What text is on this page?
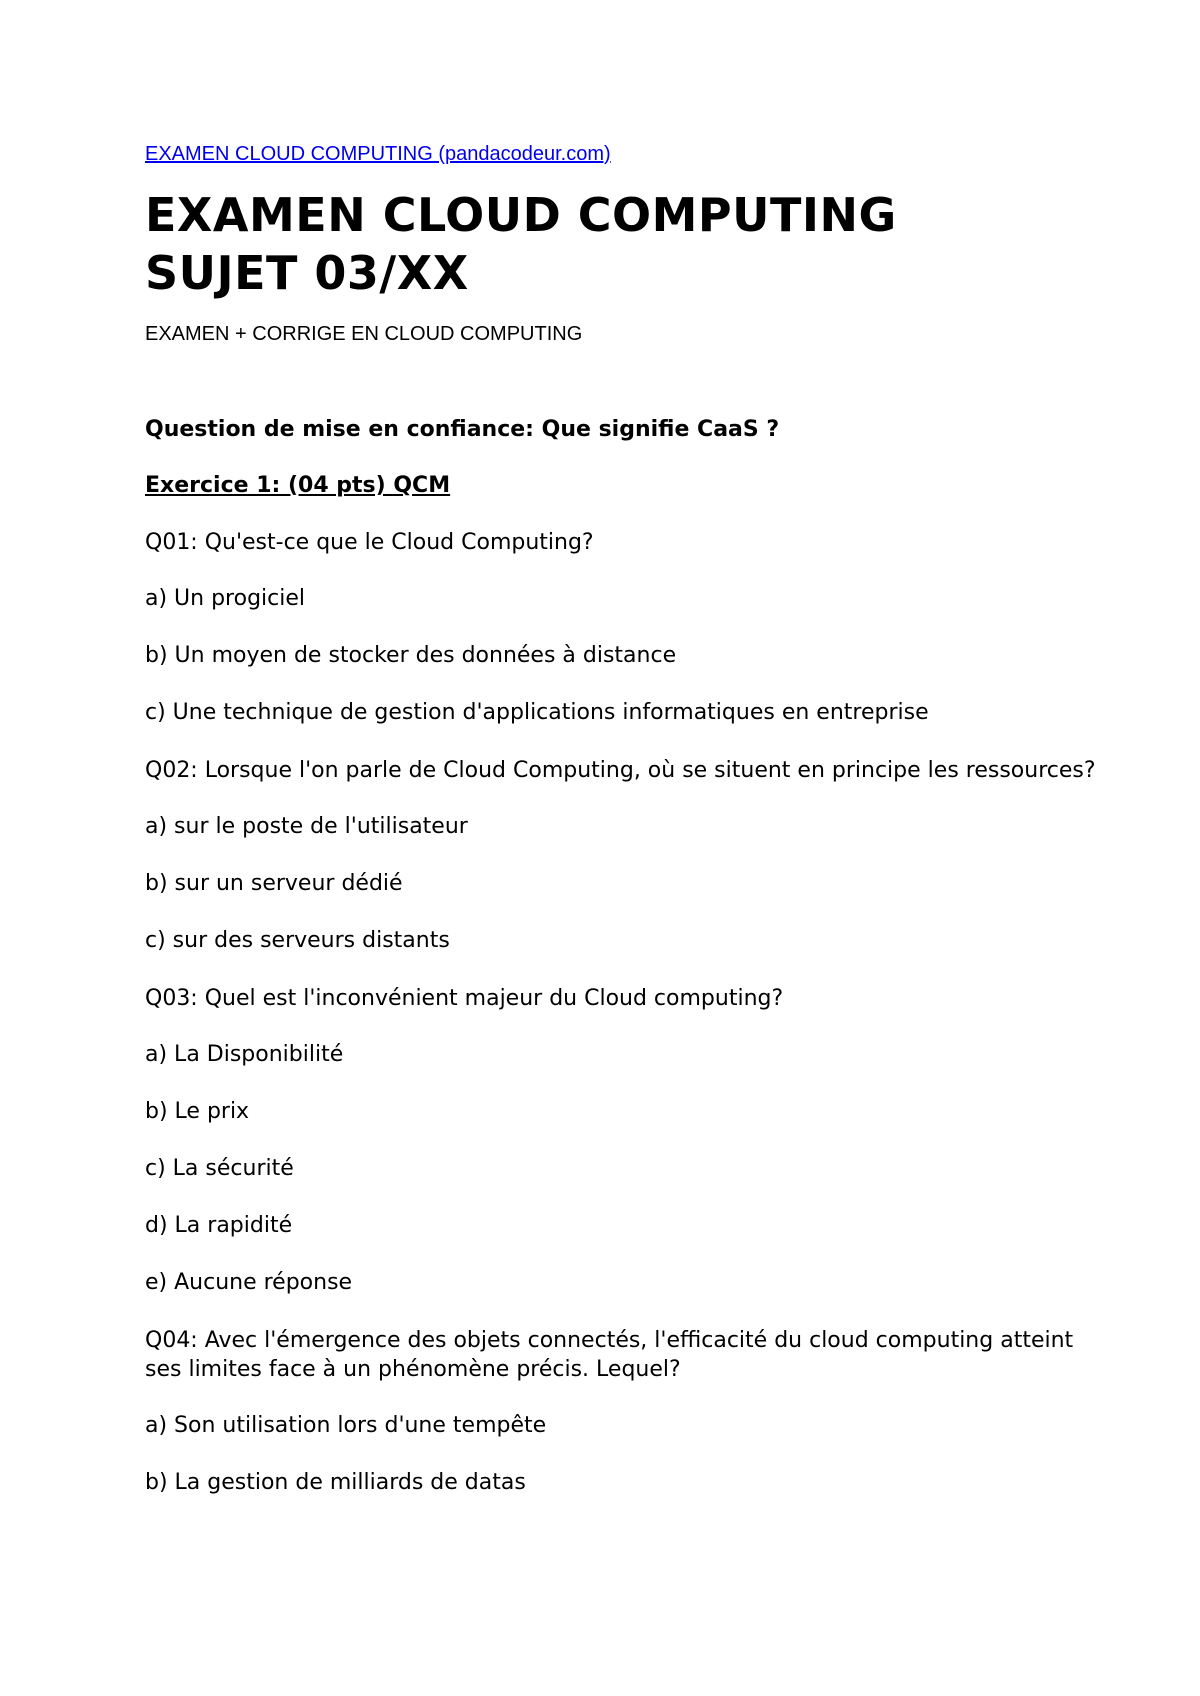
EXAMEN CLOUD COMPUTING (pandacodeur.com)
EXAMEN CLOUD COMPUTING
SUJET 03/XX
EXAMEN + CORRIGE EN CLOUD COMPUTING
Question de mise en confiance: Que signifie CaaS ?
Exercice 1: (04 pts) QCM
Q01: Qu'est-ce que le Cloud Computing?
a) Un progiciel
b) Un moyen de stocker des données à distance
c) Une technique de gestion d'applications informatiques en entreprise
Q02: Lorsque l'on parle de Cloud Computing, où se situent en principe les ressources?
a) sur le poste de l'utilisateur
b) sur un serveur dédié
c) sur des serveurs distants
Q03: Quel est l'inconvénient majeur du Cloud computing?
a) La Disponibilité
b) Le prix
c) La sécurité
d) La rapidité
e) Aucune réponse
Q04: Avec l'émergence des objets connectés, l'efficacité du cloud computing atteint ses limites face à un phénomène précis. Lequel?
a) Son utilisation lors d'une tempête
b) La gestion de milliards de datas
